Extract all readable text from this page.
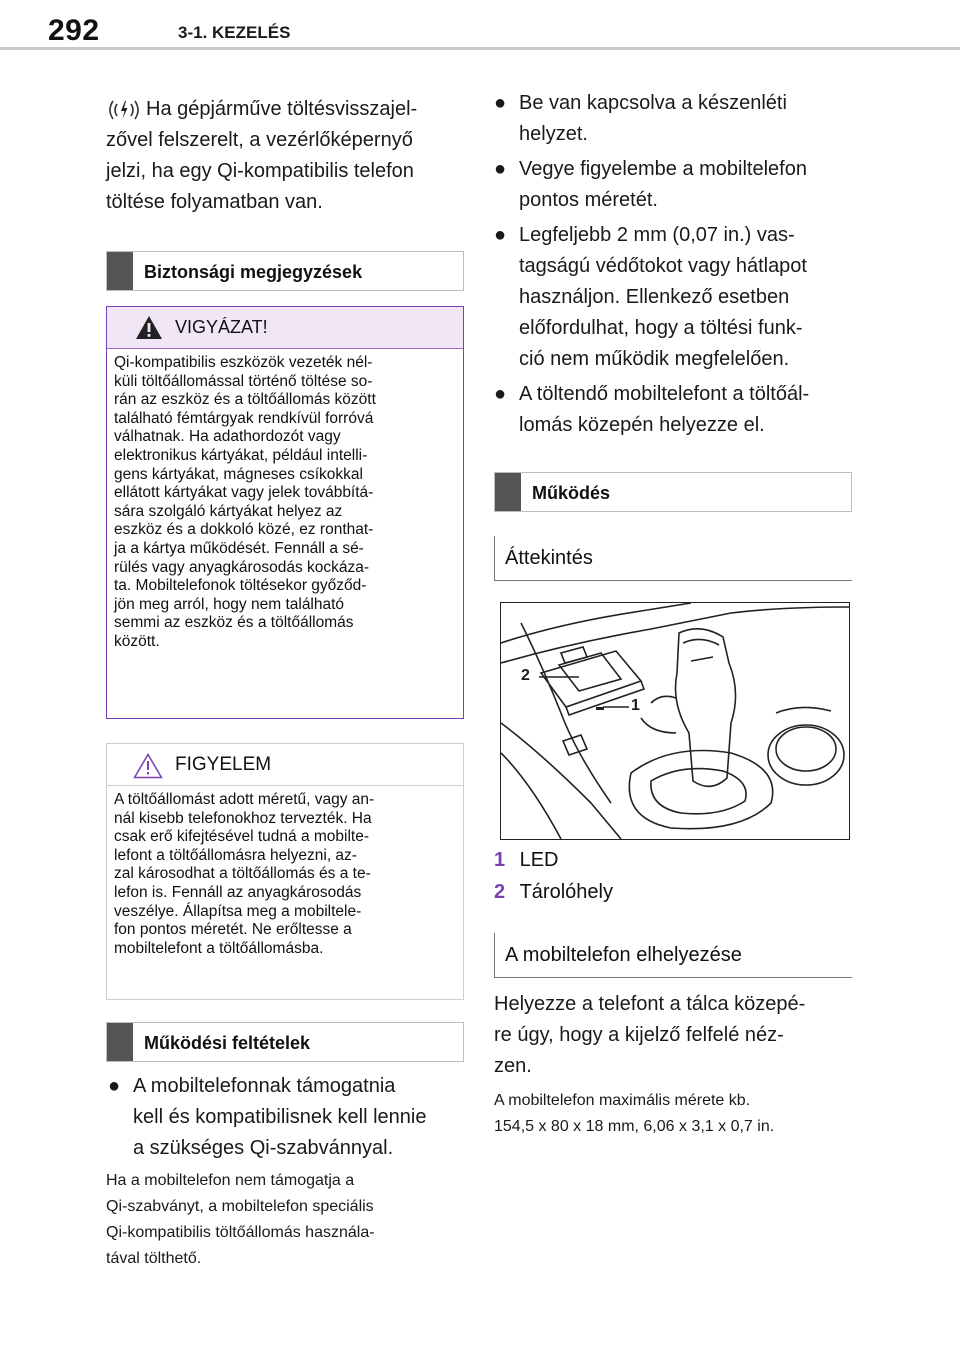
292	3-1. KEZELÉS
Ha gépjárműve töltésvisszajel-
zővel felszerelt, a vezérlőképernyő
jelzi, ha egy Qi-kompatibilis telefon
töltése folyamatban van.
Biztonsági megjegyzések
VIGYÁZAT!
Qi-kompatibilis eszközök vezeték nél-
küli töltőállomással történő töltése so-
rán az eszköz és a töltőállomás között
található fémtárgyak rendkívül forróvá
válhatnak. Ha adathordozót vagy
elektronikus kártyákat, például intelli-
gens kártyákat, mágneses csíkokkal
ellátott kártyákat vagy jelek továbbítá-
sára szolgáló kártyákat helyez az
eszköz és a dokkoló közé, ez ronthat-
ja a kártya működését. Fennáll a sé-
rülés vagy anyagkárosodás kockáza-
ta. Mobiltelefonok töltésekor győződ-
jön meg arról, hogy nem található
semmi az eszköz és a töltőállomás
között.
FIGYELEM
A töltőállomást adott méretű, vagy an-
nál kisebb telefonokhoz tervezték. Ha
csak erő kifejtésével tudná a mobilte-
lefont a töltőállomásra helyezni, az-
zal károsodhat a töltőállomás és a te-
lefon is. Fennáll az anyagkárosodás
veszélye. Állapítsa meg a mobiltele-
fon pontos méretét. Ne erőltesse a
mobiltelefont a töltőállomásba.
Működési feltételek
● A mobiltelefonnak támogatnia
kell és kompatibilisnek kell lennie
a szükséges Qi-szabvánnyal.
Ha a mobiltelefon nem támogatja a
Qi-szabványt, a mobiltelefon speciális
Qi-kompatibilis töltőállomás használa-
tával tölthető.
● Be van kapcsolva a készenléti
helyzet.
● Vegye figyelembe a mobiltelefon
pontos méretét.
● Legfeljebb 2 mm (0,07 in.) vas-
tagságú védőtokot vagy hátlapot
használjon. Ellenkező esetben
előfordulhat, hogy a töltési funk-
ció nem működik megfelelően.
● A töltendő mobiltelefont a töltőál-
lomás közepén helyezze el.
Működés
Áttekintés
2
1
1 LED
2 Tárolóhely
A mobiltelefon elhelyezése
Helyezze a telefont a tálca közepé-
re úgy, hogy a kijelző felfelé néz-
zen.
A mobiltelefon maximális mérete kb.
154,5 x 80 x 18 mm, 6,06 x 3,1 x 0,7 in.
